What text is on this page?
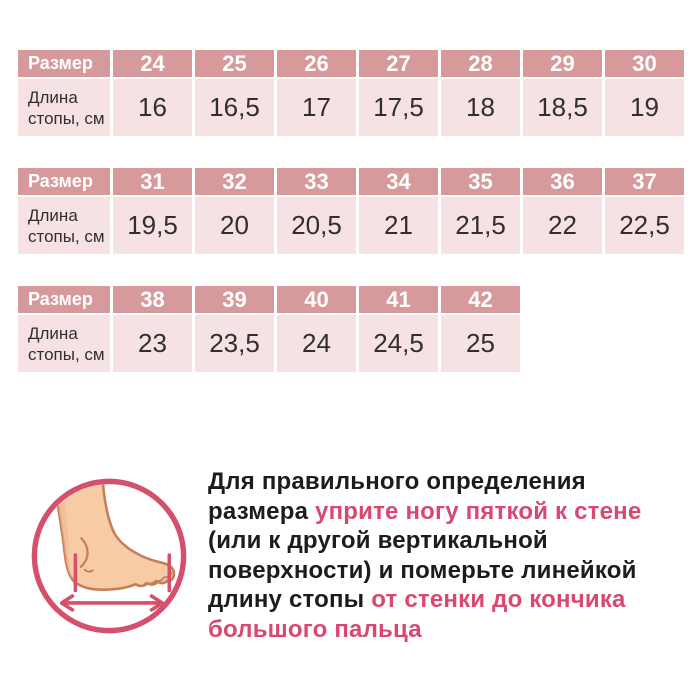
Размер	24	25	26	27	28	29	30
Длина стопы, см	16	16,5	17	17,5	18	18,5	19
Размер	31	32	33	34	35	36	37
Длина стопы, см 19,5	20	20,5	21	21,5	22	22,5
Размер	38	39	40	41	42
Длина стопы, см	23	23,5	24	24,5	25
Для правильного определения
размера уприте ногу пяткой к стене
(или к другой вертикальной
поверхности) и померьте линейкой
длину стопы от стенки до кончика
большого пальца
